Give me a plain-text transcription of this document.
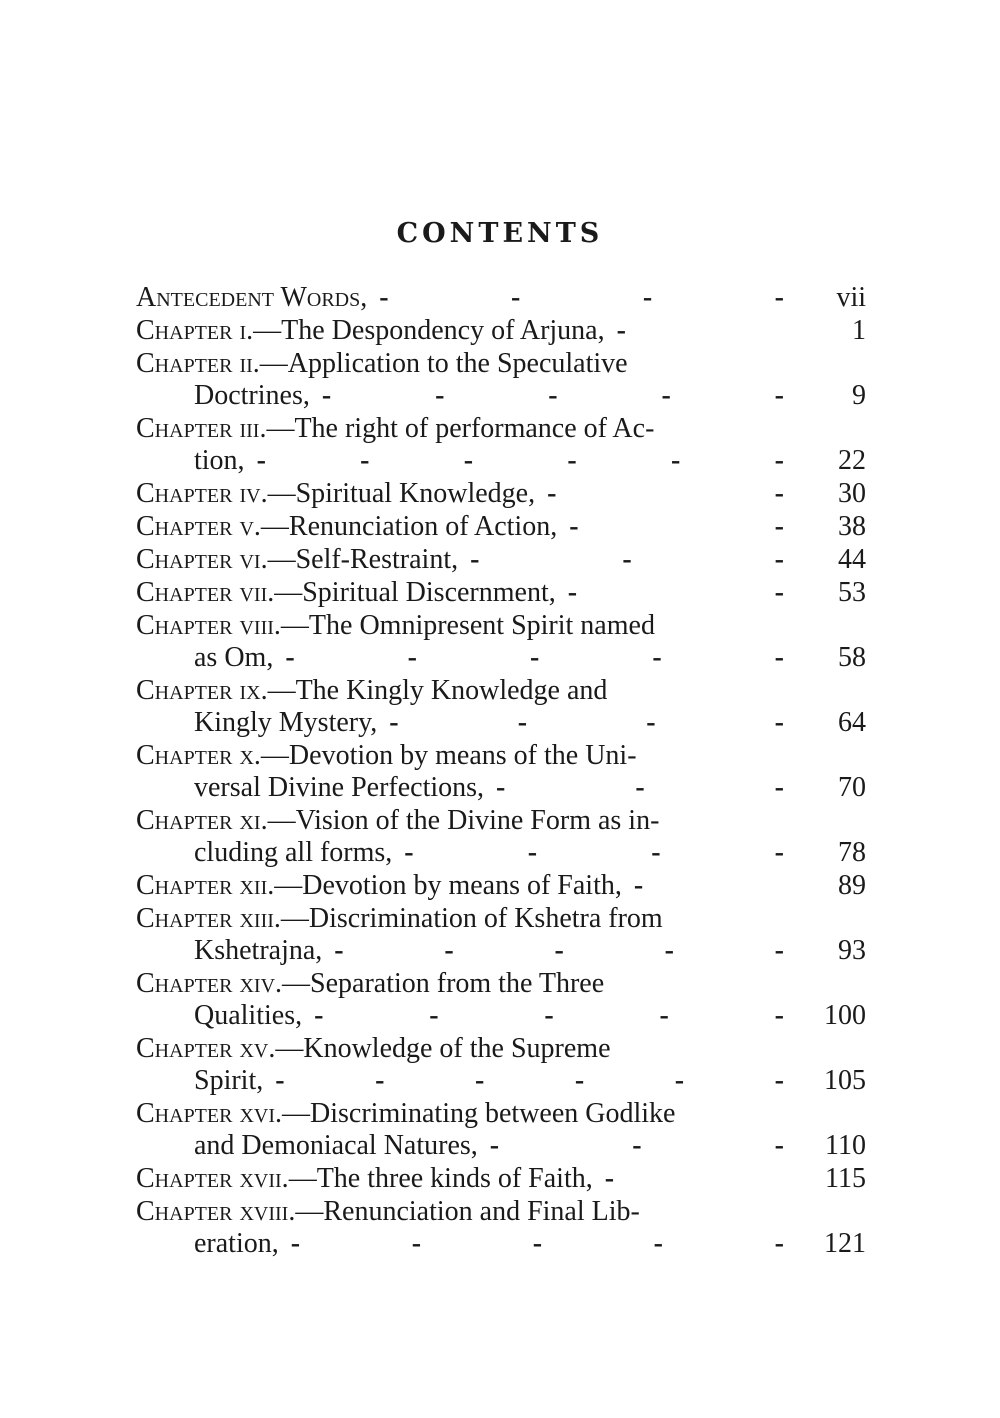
CONTENTS
Antecedent Words, -	-	-	-	vii
Chapter i.—The Despondency of Arjuna, -	1
Chapter ii.—Application to the Speculative
Doctrines, -	-	-	-	-	9
Chapter iii.—The right of performance of Ac-
tion, -	-	-	-	-	-	22
Chapter iv.—Spiritual Knowledge, -	-	30
Chapter v.—Renunciation of Action, -	-	38
Chapter vi.—Self-Restraint, -	-	-	44
Chapter vii.—Spiritual Discernment, -	-	53
Chapter viii.—The Omnipresent Spirit named
as Om, -	-	-	-	-	58
Chapter ix.—The Kingly Knowledge and
Kingly Mystery, -	-	-	-	64
Chapter x.—Devotion by means of the Uni-
versal Divine Perfections, -	-	-	70
Chapter xi.—Vision of the Divine Form as in-
cluding all forms, -	-	-	-	78
Chapter xii.—Devotion by means of Faith, -	89
Chapter xiii.—Discrimination of Kshetra from
Kshetrajna, -	-	-	-	-	93
Chapter xiv.—Separation from the Three
Qualities, -	-	-	-	-	100
Chapter xv.—Knowledge of the Supreme
Spirit, -	-	-	-	-	-	105
Chapter xvi.—Discriminating between Godlike
and Demoniacal Natures, -	-	-	110
Chapter xvii.—The three kinds of Faith, -	115
Chapter xviii.—Renunciation and Final Lib-
eration, -	-	-	-	-	121
